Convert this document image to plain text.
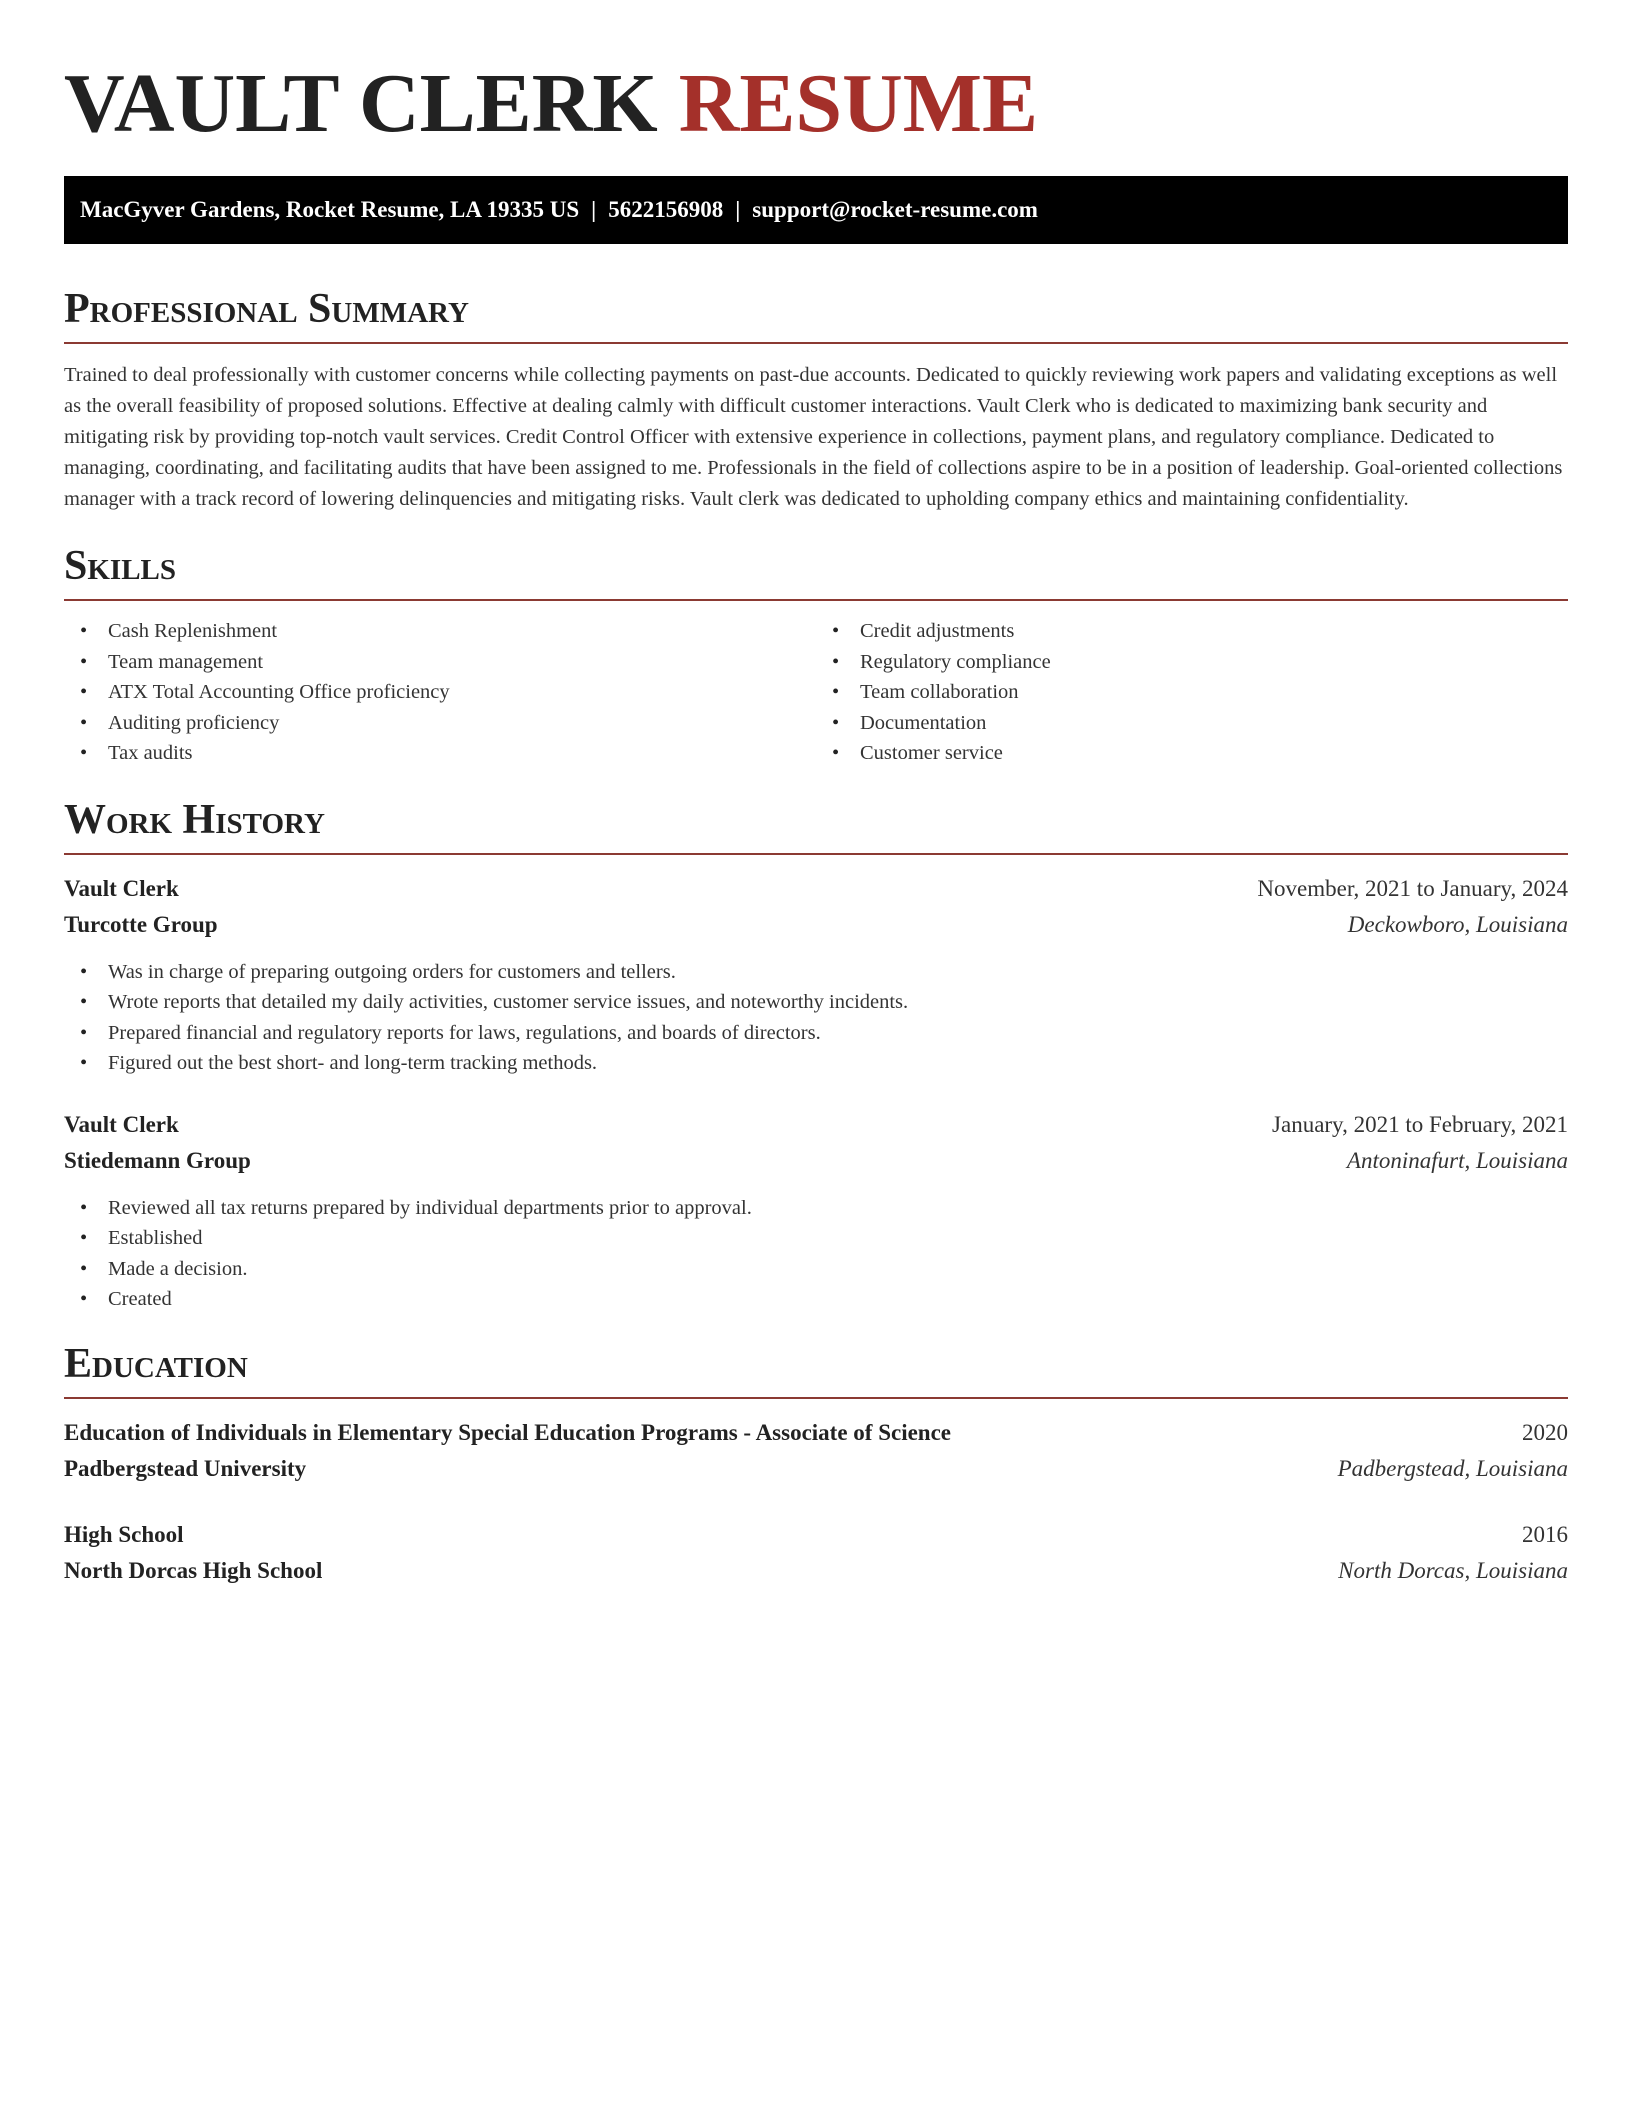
VAULT CLERK RESUME
MacGyver Gardens, Rocket Resume, LA 19335 US | 5622156908 | support@rocket-resume.com
Professional Summary

Trained to deal professionally with customer concerns while collecting payments on past-due accounts. Dedicated to quickly reviewing work papers and validating exceptions as well as the overall feasibility of proposed solutions. Effective at dealing calmly with difficult customer interactions. Vault Clerk who is dedicated to maximizing bank security and mitigating risk by providing top-notch vault services. Credit Control Officer with extensive experience in collections, payment plans, and regulatory compliance. Dedicated to managing, coordinating, and facilitating audits that have been assigned to me. Professionals in the field of collections aspire to be in a position of leadership. Goal-oriented collections manager with a track record of lowering delinquencies and mitigating risks. Vault clerk was dedicated to upholding company ethics and maintaining confidentiality.

Skills
• Cash Replenishment
• Team management
• ATX Total Accounting Office proficiency
• Auditing proficiency
• Tax audits
• Credit adjustments
• Regulatory compliance
• Team collaboration
• Documentation
• Customer service
Work History
Vault Clerk	November, 2021 to January, 2024
Turcotte Group	Deckowboro, Louisiana
• Was in charge of preparing outgoing orders for customers and tellers.
• Wrote reports that detailed my daily activities, customer service issues, and noteworthy incidents.
• Prepared financial and regulatory reports for laws, regulations, and boards of directors.
• Figured out the best short- and long-term tracking methods.
Vault Clerk	January, 2021 to February, 2021
Stiedemann Group	Antoninafurt, Louisiana
• Reviewed all tax returns prepared by individual departments prior to approval.
• Established
• Made a decision.
• Created
Education
Education of Individuals in Elementary Special Education Programs - Associate of Science	2020
Padbergstead University	Padbergstead, Louisiana
High School	2016
North Dorcas High School	North Dorcas, Louisiana
